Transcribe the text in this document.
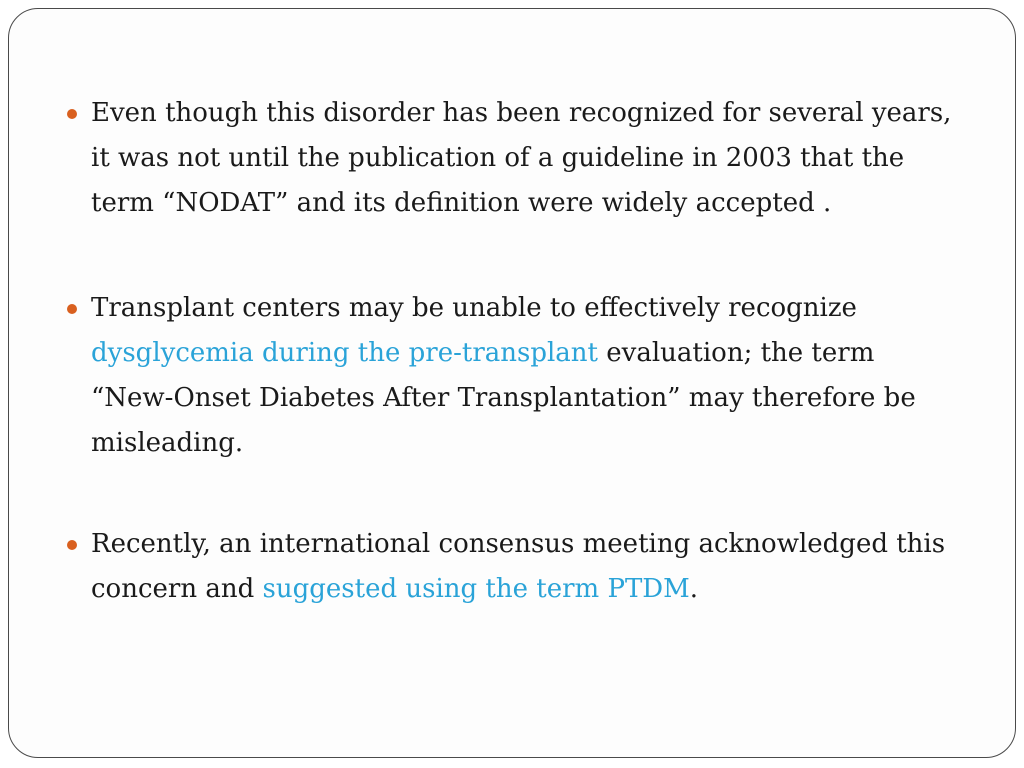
Even though this disorder has been recognized for several years, it was not until the publication of a guideline in 2003 that the term “NODAT” and its definition were widely accepted .
Transplant centers may be unable to effectively recognize dysglycemia during the pre-transplant evaluation; the term “New-Onset Diabetes After Transplantation” may therefore be misleading.
Recently, an international consensus meeting acknowledged this concern and suggested using the term PTDM.
